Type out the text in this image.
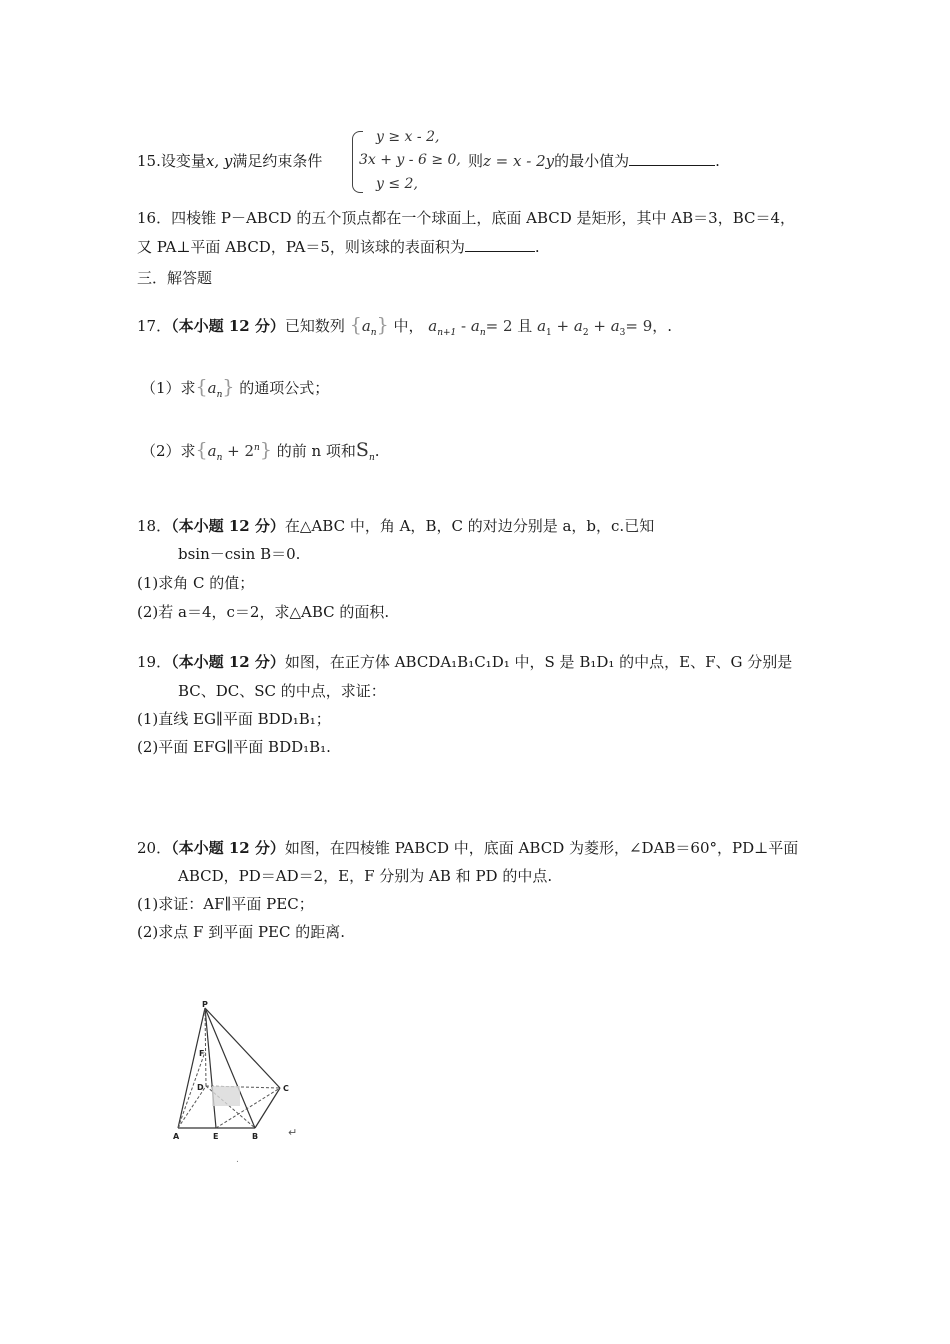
15.设变量x, y满足约束条件
y ≥ x - 2,
3x + y - 6 ≥ 0,
y ≤ 2,
则z = x - 2y的最小值为	.
16．四棱锥 P－ABCD 的五个顶点都在一个球面上，底面 ABCD 是矩形，其中 AB＝3，BC＝4，
又 PA⊥平面 ABCD，PA＝5，则该球的表面积为	.
三．解答题
17．（本小题 12 分）已知数列 $\{a_n\}$ 中， $a_{n+1} - a_n= 2$ 且 $a_1 + a_2 + a_3= 9$，.
（1）求$\{a_n\}$ 的通项公式；
（2）求$\{a_n + 2^n\}$ 的前 n 项和$S_n$.
18．（本小题 12 分）在△ABC 中，角 A，B，C 的对边分别是 a，b，c.已知
bsin－csin B＝0.
(1)求角 C 的值；
(2)若 a＝4，c＝2，求△ABC 的面积.
19．（本小题 12 分）如图，在正方体 ABCDA₁B₁C₁D₁ 中，S 是 B₁D₁ 的中点，E、F、G 分别是
BC、DC、SC 的中点，求证：
(1)直线 EG∥平面 BDD₁B₁；
(2)平面 EFG∥平面 BDD₁B₁.
20．（本小题 12 分）如图，在四棱锥 PABCD 中，底面 ABCD 为菱形，∠DAB＝60°，PD⊥平面
ABCD，PD＝AD＝2，E，F 分别为 AB 和 PD 的中点.
(1)求证：AF∥平面 PEC；
(2)求点 F 到平面 PEC 的距离.
P
F
D	C
A	E	B	↵
.
